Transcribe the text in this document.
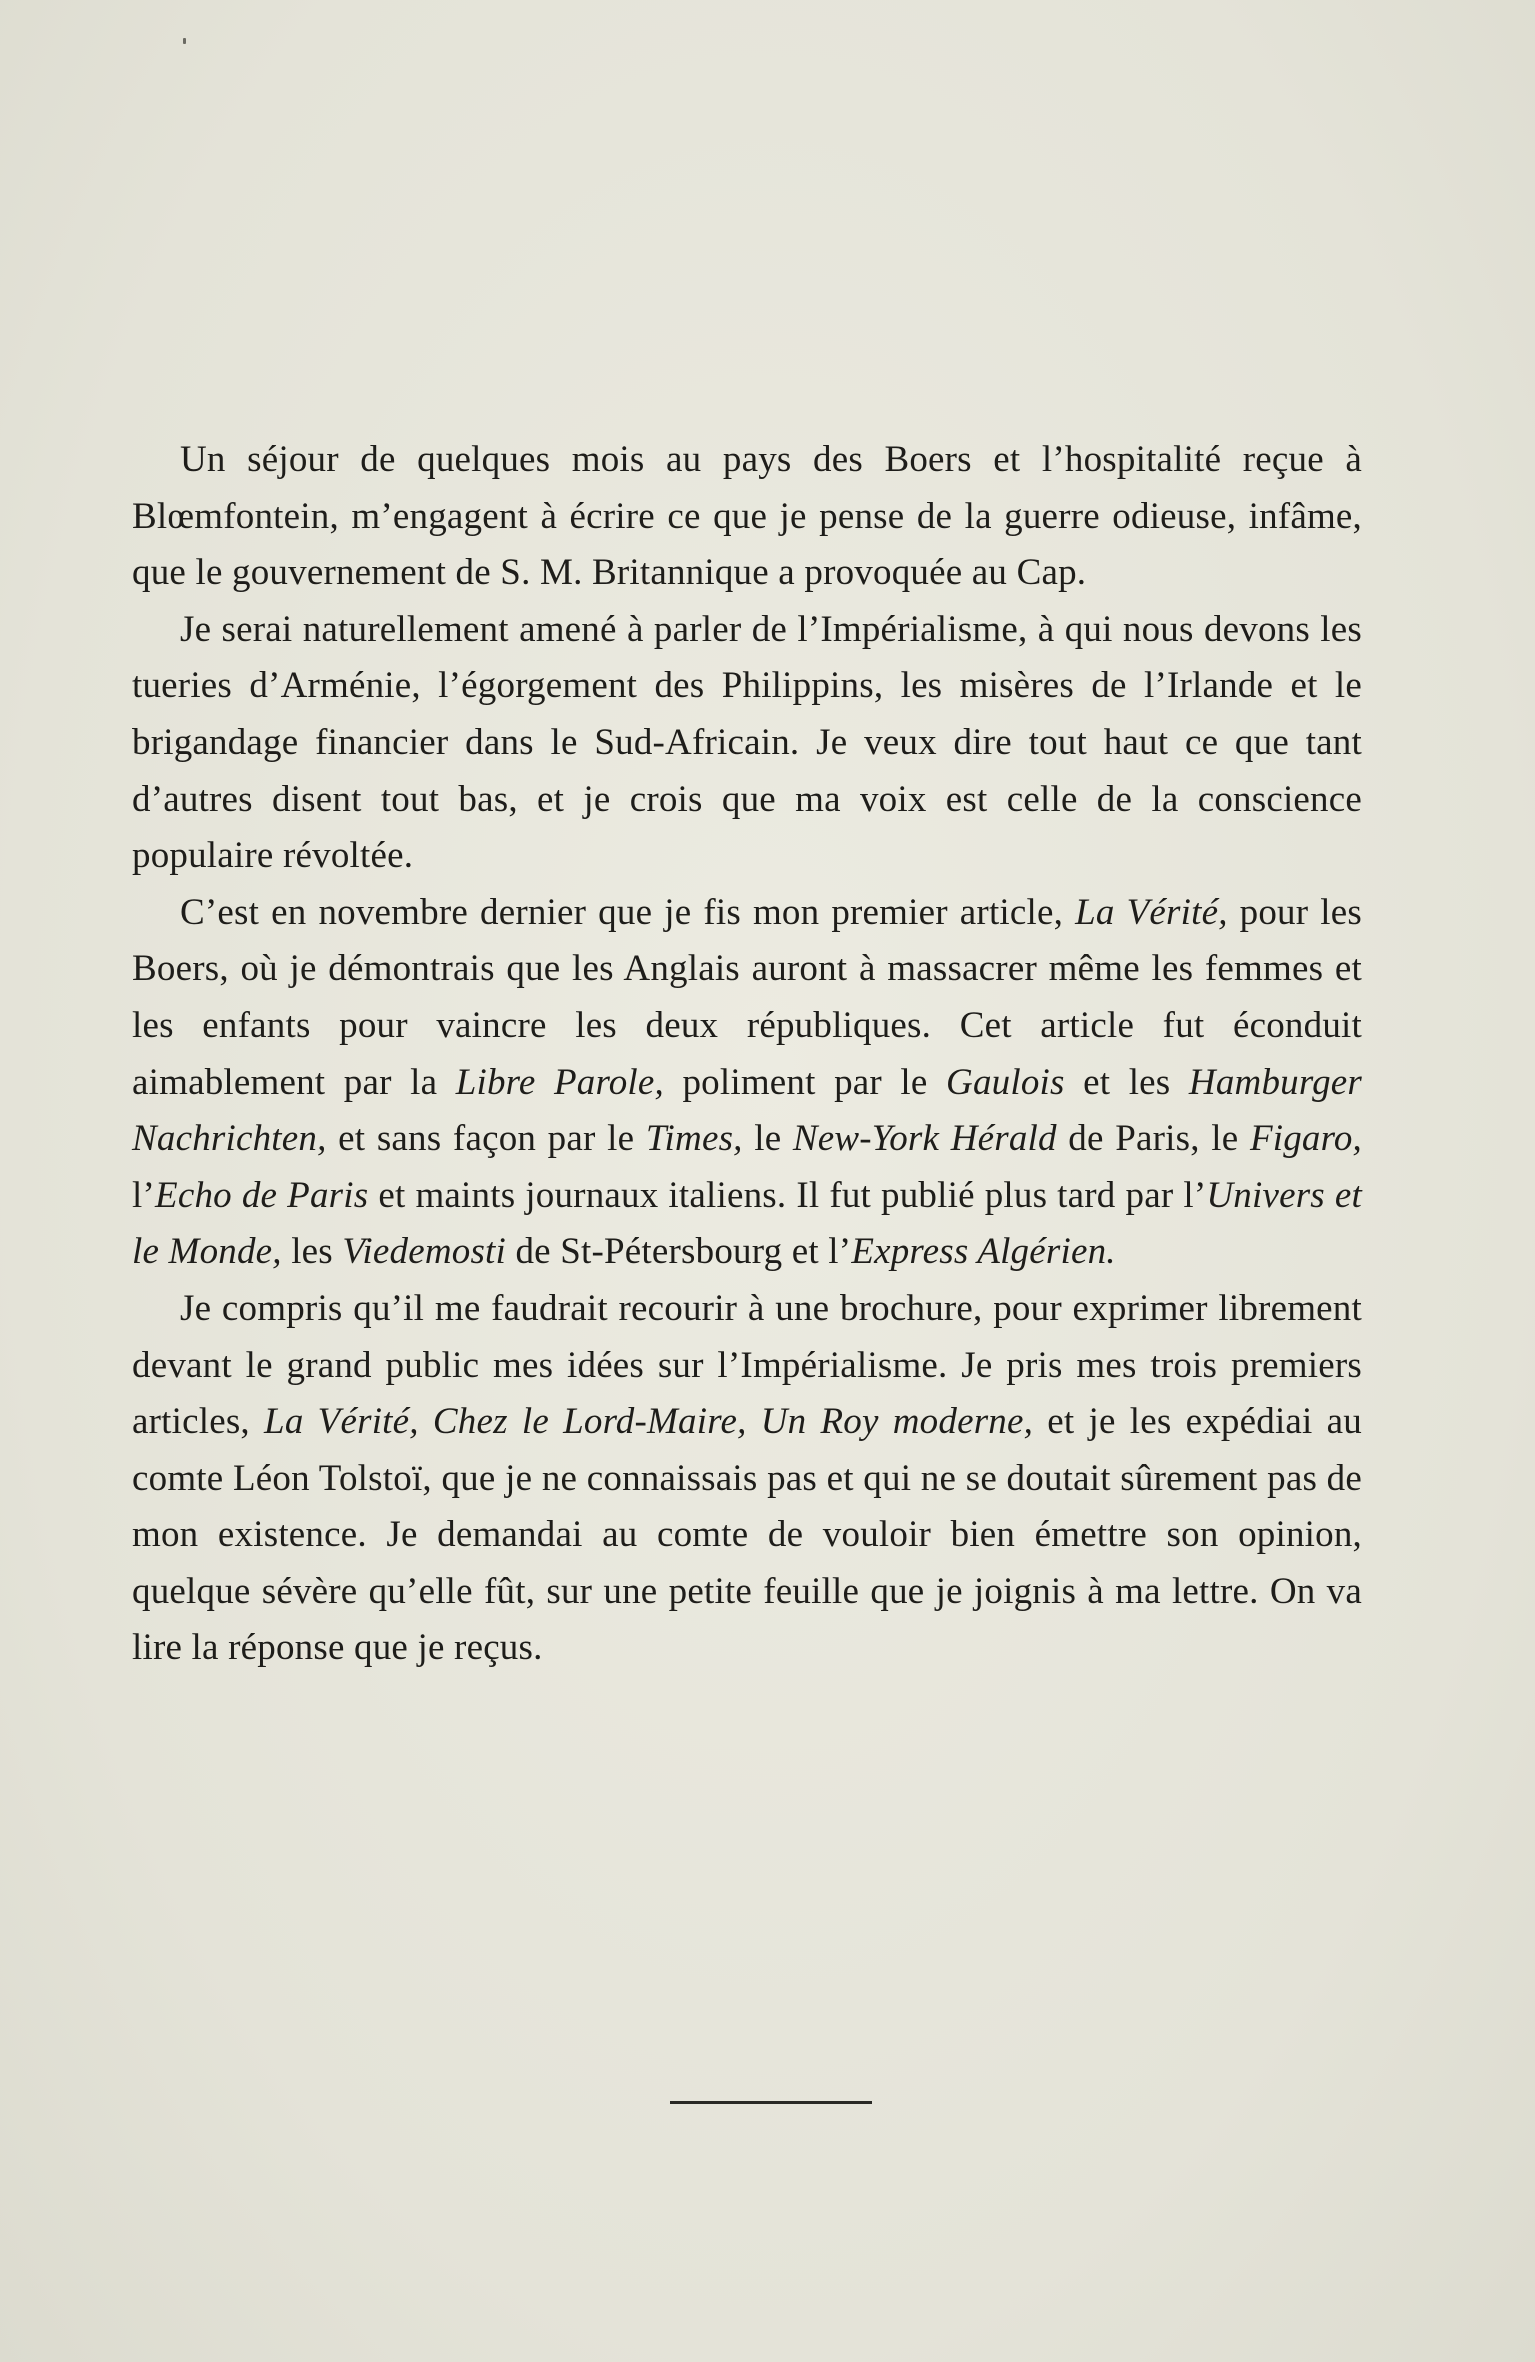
Un séjour de quelques mois au pays des Boers et l’hospitalité reçue à Blœmfontein, m’engagent à écrire ce que je pense de la guerre odieuse, infâme, que le gouvernement de S. M. Britannique a provoquée au Cap.

Je serai naturellement amené à parler de l’Impérialisme, à qui nous devons les tueries d’Arménie, l’égorgement des Philippins, les misères de l’Irlande et le brigandage financier dans le Sud-Africain. Je veux dire tout haut ce que tant d’autres disent tout bas, et je crois que ma voix est celle de la conscience populaire révoltée.

C’est en novembre dernier que je fis mon premier article, La Vérité, pour les Boers, où je démontrais que les Anglais auront à massacrer même les femmes et les enfants pour vaincre les deux républiques. Cet article fut éconduit aimablement par la Libre Parole, poliment par le Gaulois et les Hamburger Nachrichten, et sans façon par le Times, le New-York Hérald de Paris, le Figaro, l’Echo de Paris et maints journaux italiens. Il fut publié plus tard par l’Univers et le Monde, les Viedemosti de St-Pétersbourg et l’Express Algérien.

Je compris qu’il me faudrait recourir à une brochure, pour exprimer librement devant le grand public mes idées sur l’Impérialisme. Je pris mes trois premiers articles, La Vérité, Chez le Lord-Maire, Un Roy moderne, et je les expédiai au comte Léon Tolstoï, que je ne connaissais pas et qui ne se doutait sûrement pas de mon existence. Je demandai au comte de vouloir bien émettre son opinion, quelque sévère qu’elle fût, sur une petite feuille que je joignis à ma lettre. On va lire la réponse que je reçus.
